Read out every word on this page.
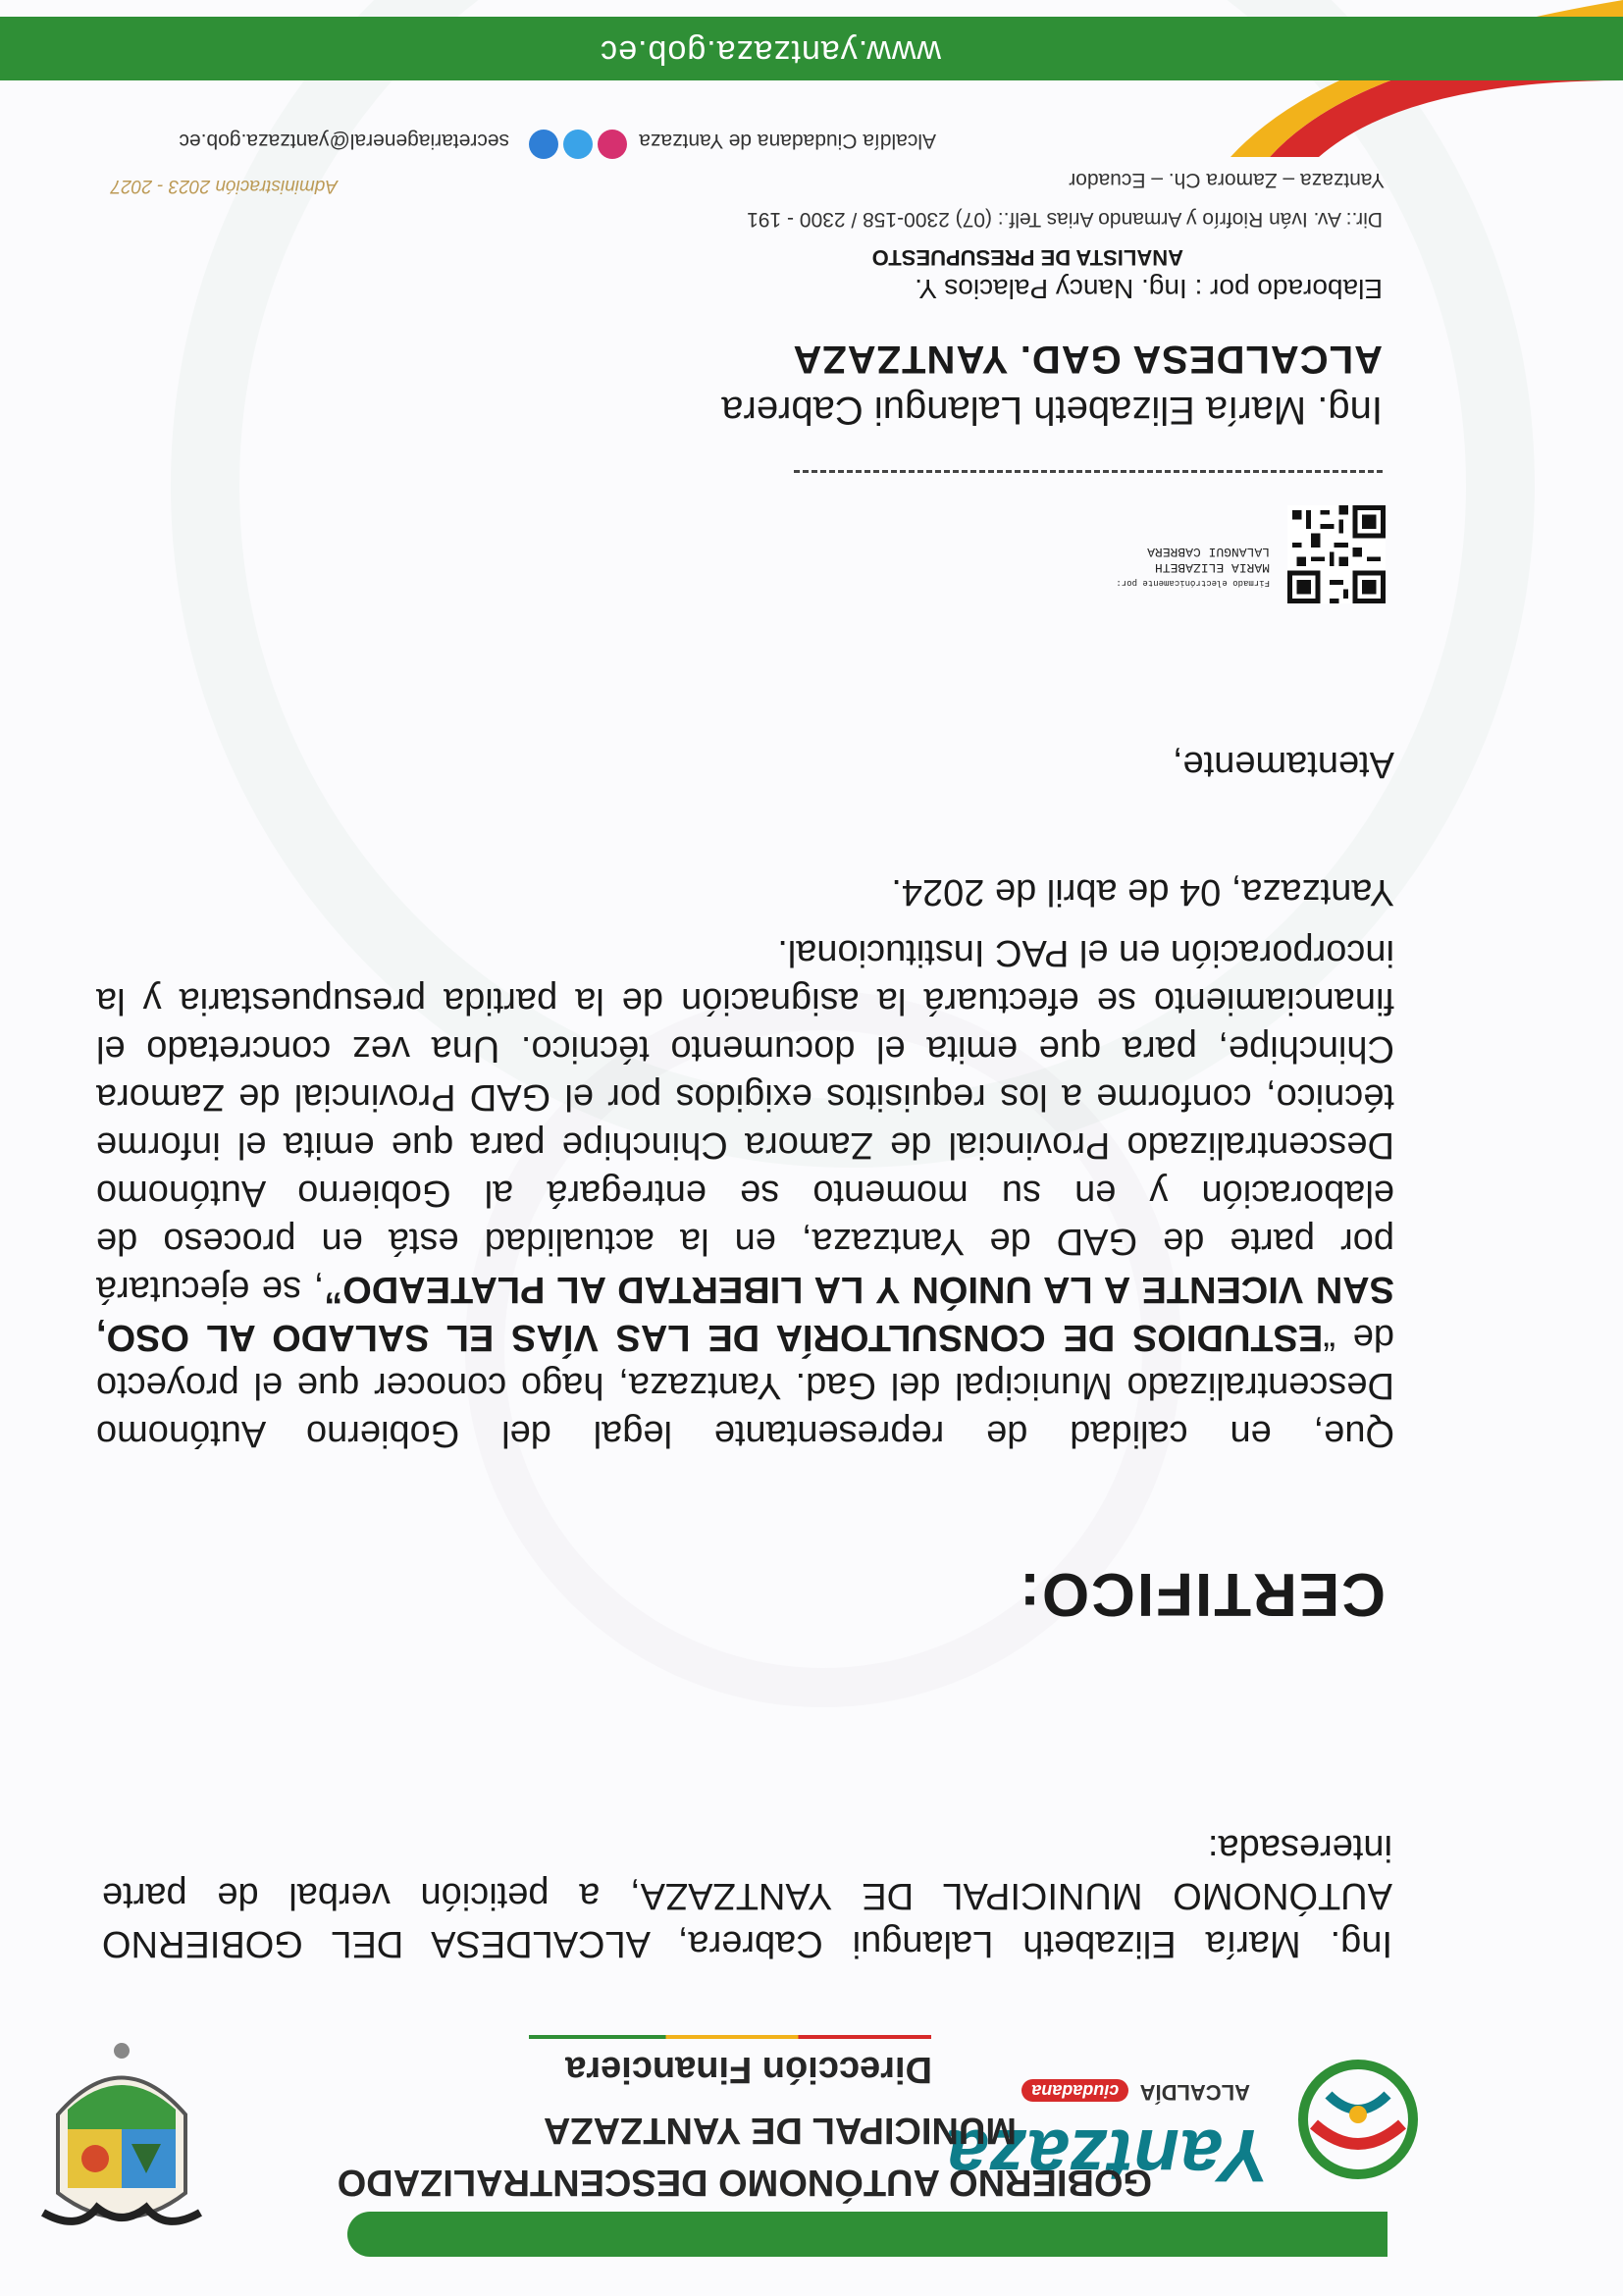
Yantzaza
ALCALDÍA ciudadana
GOBIERNO AUTÓNOMO DESCENTRALIZADO
MUNICIPAL DE YANTZAZA
Dirección Financiera
Ing. María Elizabeth Lalangui Cabrera, ALCALDESA DEL GOBIERNO
AUTÓNOMO MUNICIPAL DE YANTZAZA, a petición verbal de parte
interesada:
CERTIFICO:
Que, en calidad de representante legal del Gobierno Autónomo
Descentralizado Municipal del Gad. Yantzaza, hago conocer que el proyecto
de “ESTUDIOS DE CONSULTORÍA DE LAS VÍAS EL SALADO AL OSO,
SAN VICENTE A LA UNIÓN Y LA LIBERTAD AL PLATEADO”, se ejecutará
por parte de GAD de Yantzaza, en la actualidad está en proceso de
elaboración y en su momento se entregará al Gobierno Autónomo
Descentralizado Provincial de Zamora Chinchipe para que emita el informe
técnico, conforme a los requisitos exigidos por el GAD Provincial de Zamora
Chinchipe, para que emita el documento técnico. Una vez concretado el
financiamiento se efectuará la asignación de la partida presupuestaria y la
incorporación en el PAC Institucional.
Yantzaza, 04 de abril de 2024.
Atentamente,
Firmado electrónicamente por:
MARIA ELIZABETH
LALANGUI CABRERA
Ing. María Elizabeth Lalangui Cabrera
ALCALDESA GAD. YANTZAZA
Elaborado por : Ing. Nancy Palacios Y.
ANALISTA DE PRESUPUESTO
Dir.: Av. Iván Riofrío y Armando Arias Telf.: (07) 2300-158 / 2300 - 191
Yantzaza – Zamora Ch. – Ecuador
Administración 2023 - 2027
secretariageneral@yantzaza.gob.ec	Alcaldía Ciudadana de Yantzaza
www.yantzaza.gob.ec
